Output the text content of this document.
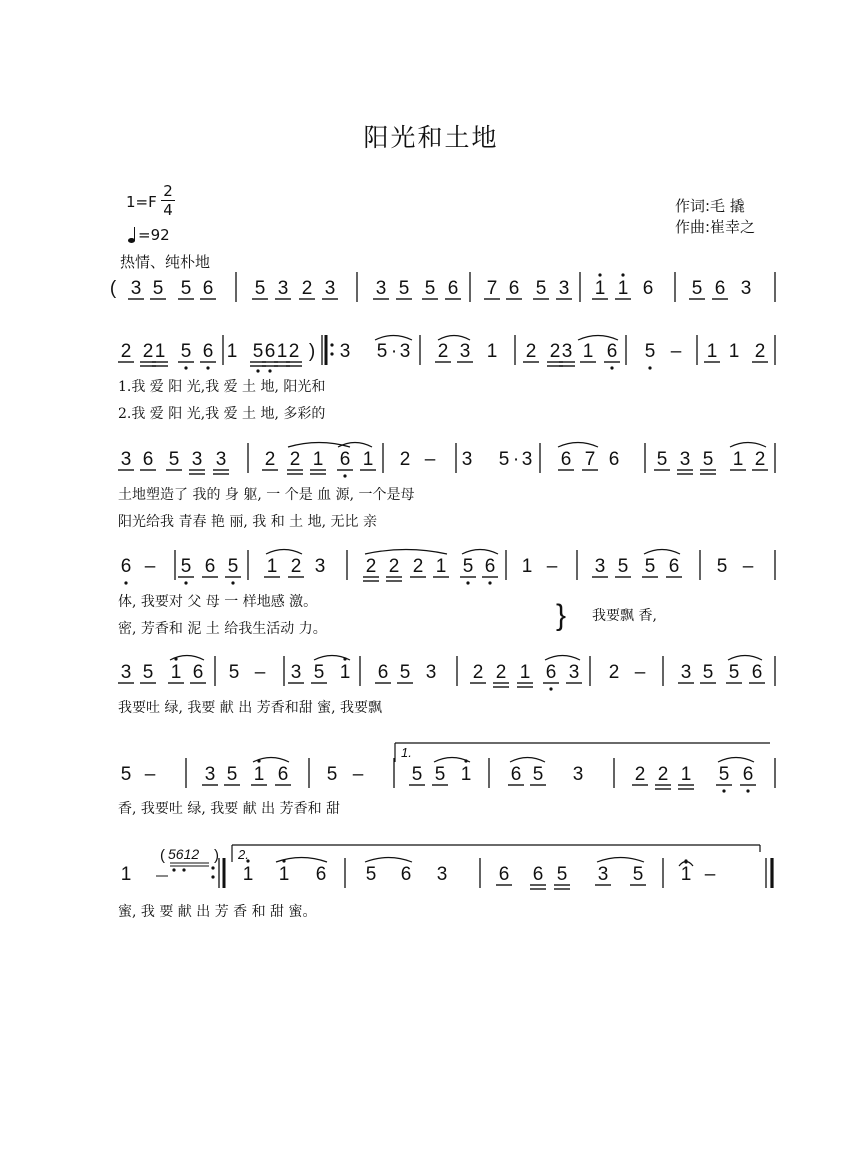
阳光和土地
1=F
2
4
=92
热情、纯朴地
作词:毛 撬
作曲:崔幸之
( 3 5 5 6 5 3 2 3 3 5 5 6 7 6 5 3 1 1 6 5 6 3
2 2 1 5 6 1 5 6 1 2 ) 3 5 · 3 2 3 1 2 2 3 1 6 5 – 1 1 2
1.我 爱 阳 光,我 爱 土 地, 阳光和
2.我 爱 阳 光,我 爱 土 地, 多彩的
3 6 5 3 3 2 2 1 6 1 2 – 3 5 · 3 6 7 6 5 3 5 1 2
土地塑造了 我的 身 躯, 一 个是 血 源, 一个是母
阳光给我 青春 艳 丽, 我 和 土 地, 无比 亲
6 – 5 6 5 1 2 3 2 2 2 1 5 6 1 – 3 5 5 6 5 –
体, 我要对 父 母 一 样地感 激。
密, 芳香和 泥 土 给我生活动 力。
3 5 1 6 5 – 3 5 1 6 5 3 2 2 1 6 3 2 – 3 5 5 6
我要吐 绿, 我要 献 出 芳香和甜 蜜, 我要飘
5 –	3 5 1 6 5 –	5 5 1 6 5 3	2 2 1 5 6
香, 我要吐 绿, 我要 献 出 芳香和 甜
1	1 1 6 5 6 3	6 6 5 3 5 1 –
蜜, 我 要 献 出 芳 香 和 甜 蜜。
} 我要飘 香,
1.
2.
( 5612 )
